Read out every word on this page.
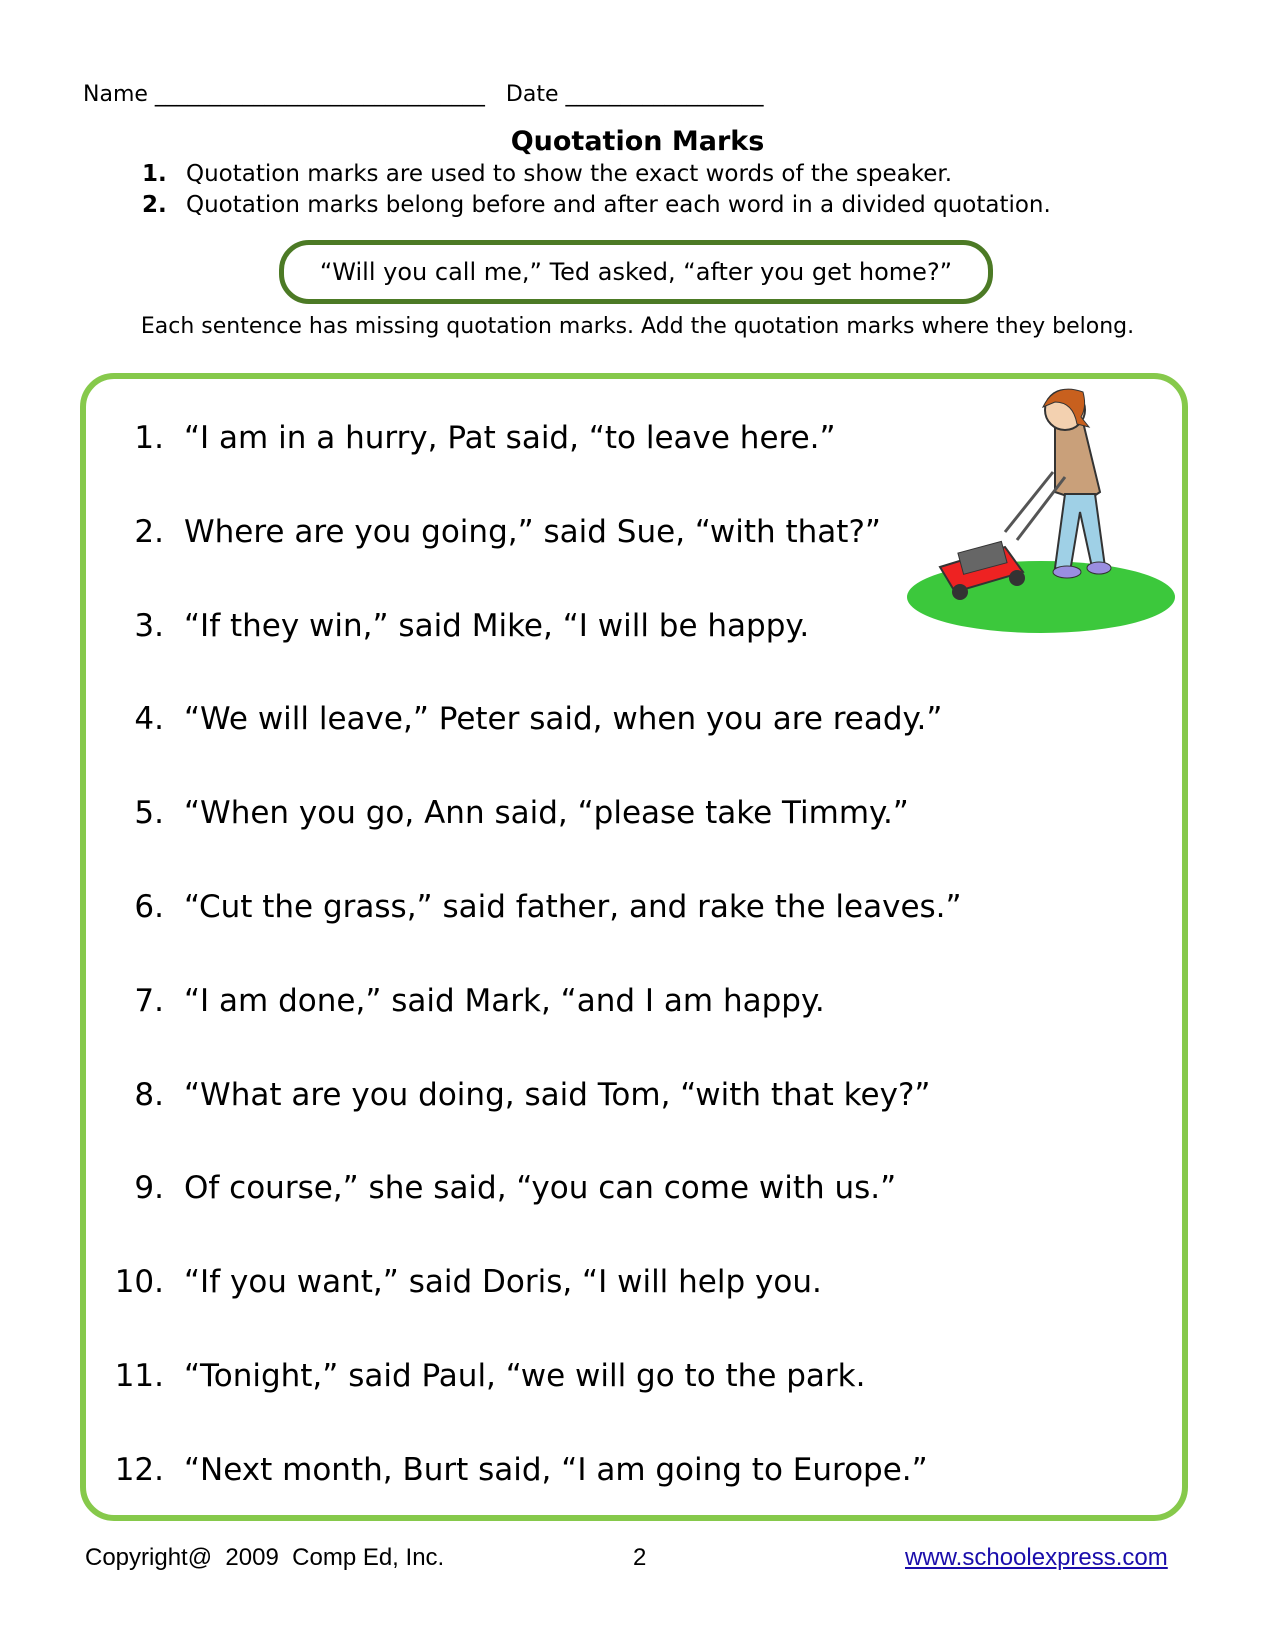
Name ______________________________ Date __________________
Quotation Marks
1. Quotation marks are used to show the exact words of the speaker.
2. Quotation marks belong before and after each word in a divided quotation.
“Will you call me,” Ted asked, “after you get home?”
Each sentence has missing quotation marks. Add the quotation marks where they belong.
1. “I am in a hurry, Pat said, “to leave here.”
2. Where are you going,” said Sue, “with that?”
3. “If they win,” said Mike, “I will be happy.
4. “We will leave,” Peter said, when you are ready.”
5. “When you go, Ann said, “please take Timmy.”
6. “Cut the grass,” said father, and rake the leaves.”
7. “I am done,” said Mark, “and I am happy.
8. “What are you doing, said Tom, “with that key?”
9. Of course,” she said, “you can come with us.”
10. “If you want,” said Doris, “I will help you.
11. “Tonight,” said Paul, “we will go to the park.
12. “Next month, Burt said, “I am going to Europe.”
Copyright@  2009  Comp Ed, Inc.	2	www.schoolexpress.com
